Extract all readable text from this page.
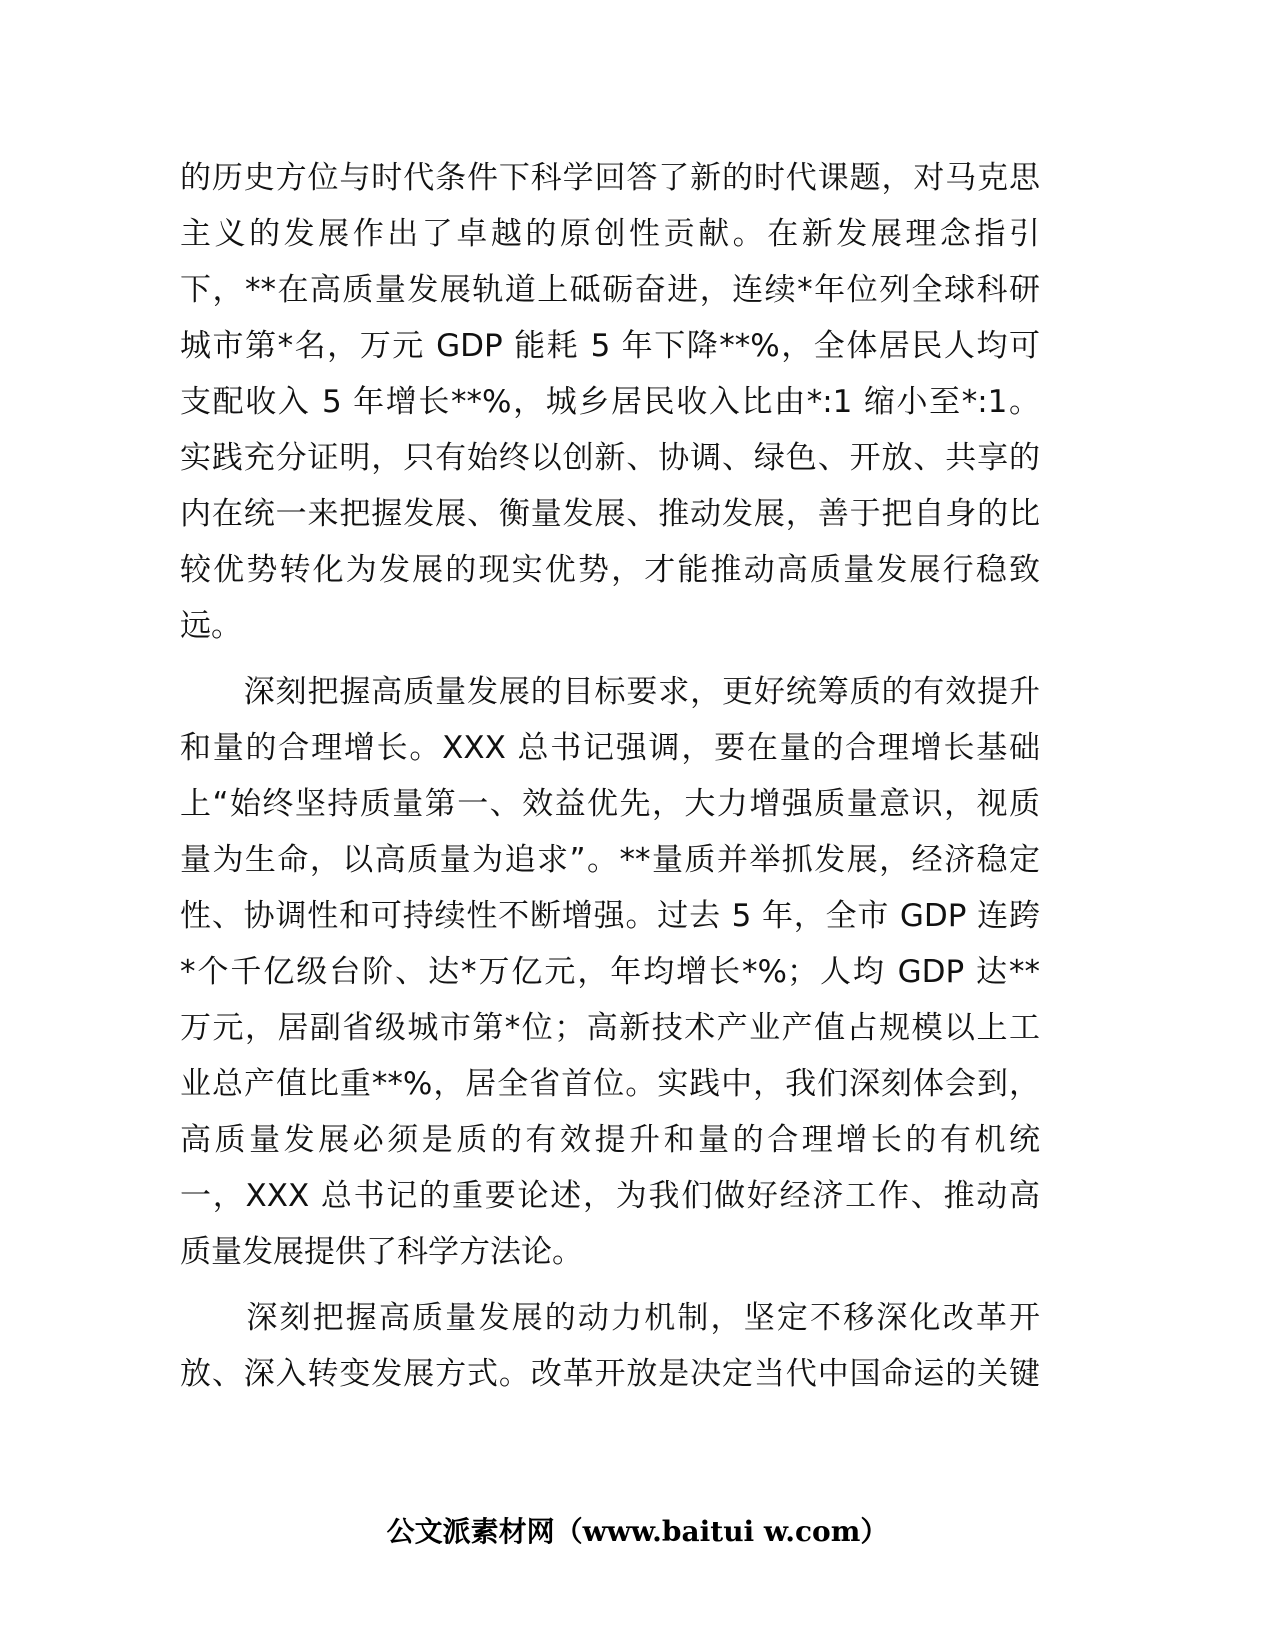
的历史方位与时代条件下科学回答了新的时代课题，对马克思
主义的发展作出了卓越的原创性贡献。在新发展理念指引
下，**在高质量发展轨道上砥砺奋进，连续*年位列全球科研
城市第*名，万元 GDP 能耗 5 年下降**%，全体居民人均可
支配收入 5 年增长**%，城乡居民收入比由*:1 缩小至*:1。
实践充分证明，只有始终以创新、协调、绿色、开放、共享的
内在统一来把握发展、衡量发展、推动发展，善于把自身的比
较优势转化为发展的现实优势，才能推动高质量发展行稳致
远。
　　深刻把握高质量发展的目标要求，更好统筹质的有效提升
和量的合理增长。XXX 总书记强调，要在量的合理增长基础
上“始终坚持质量第一、效益优先，大力增强质量意识，视质
量为生命，以高质量为追求”。**量质并举抓发展，经济稳定
性、协调性和可持续性不断增强。过去 5 年，全市 GDP 连跨
*个千亿级台阶、达*万亿元，年均增长*%；人均 GDP 达**
万元，居副省级城市第*位；高新技术产业产值占规模以上工
业总产值比重**%，居全省首位。实践中，我们深刻体会到，
高质量发展必须是质的有效提升和量的合理增长的有机统
一，XXX 总书记的重要论述，为我们做好经济工作、推动高
质量发展提供了科学方法论。
　　深刻把握高质量发展的动力机制，坚定不移深化改革开
放、深入转变发展方式。改革开放是决定当代中国命运的关键
公文派素材网（www.baitui w.com）
